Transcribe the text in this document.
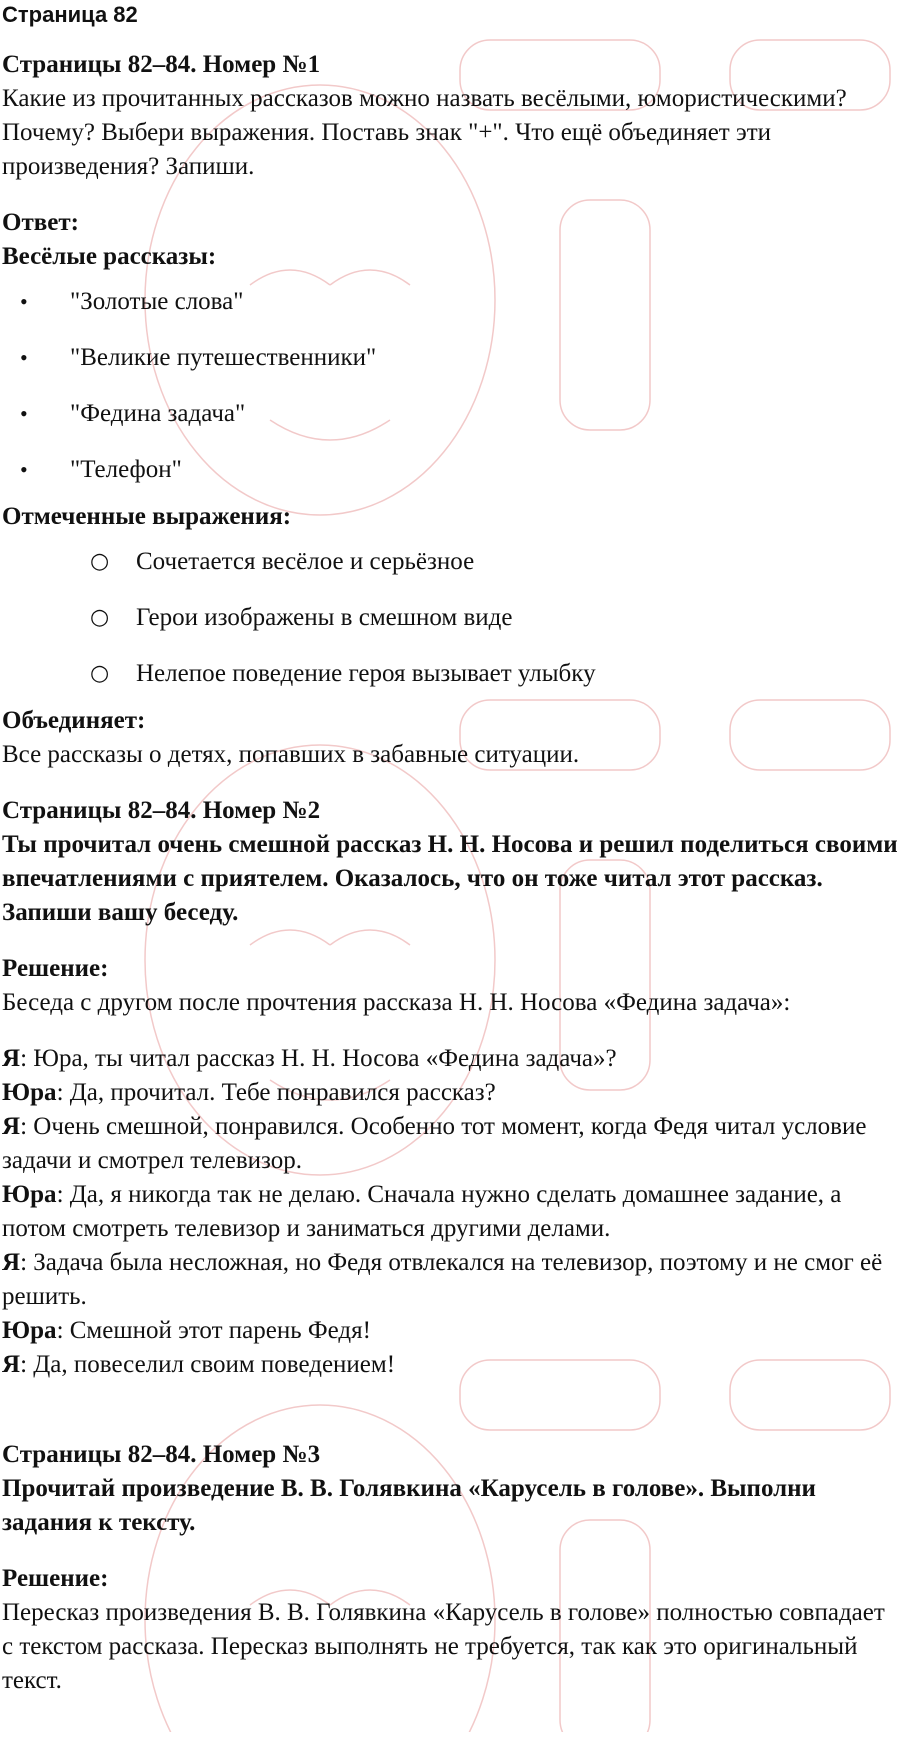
Страница 82
Страницы 82–84. Номер №1

Какие из прочитанных рассказов можно назвать весёлыми, юмористическими? Почему? Выбери выражения. Поставь знак "+". Что ещё объединяет эти произведения? Запиши.

Ответ:
Весёлые рассказы:
• "Золотые слова"
• "Великие путешественники"
• "Федина задача"
• "Телефон"
Отмеченные выражения:
○ Сочетается весёлое и серьёзное
○ Герои изображены в смешном виде
○ Нелепое поведение героя вызывает улыбку
Объединяет:

Все рассказы о детях, попавших в забавные ситуации.

Страницы 82–84. Номер №2

Ты прочитал очень смешной рассказ Н. Н. Носова и решил поделиться своими впечатлениями с приятелем. Оказалось, что он тоже читал этот рассказ. Запиши вашу беседу.

Решение:

Беседа с другом после прочтения рассказа Н. Н. Носова «Федина задача»:

Я: Юра, ты читал рассказ Н. Н. Носова «Федина задача»?

Юра: Да, прочитал. Тебе понравился рассказ?

Я: Очень смешной, понравился. Особенно тот момент, когда Федя читал условие задачи и смотрел телевизор.

Юра: Да, я никогда так не делаю. Сначала нужно сделать домашнее задание, а потом смотреть телевизор и заниматься другими делами.

Я: Задача была несложная, но Федя отвлекался на телевизор, поэтому и не смог её решить.

Юра: Смешной этот парень Федя!

Я: Да, повеселил своим поведением!

Страницы 82–84. Номер №3

Прочитай произведение В. В. Голявкина «Карусель в голове». Выполни задания к тексту.

Решение:

Пересказ произведения В. В. Голявкина «Карусель в голове» полностью совпадает с текстом рассказа. Пересказ выполнять не требуется, так как это оригинальный текст.
